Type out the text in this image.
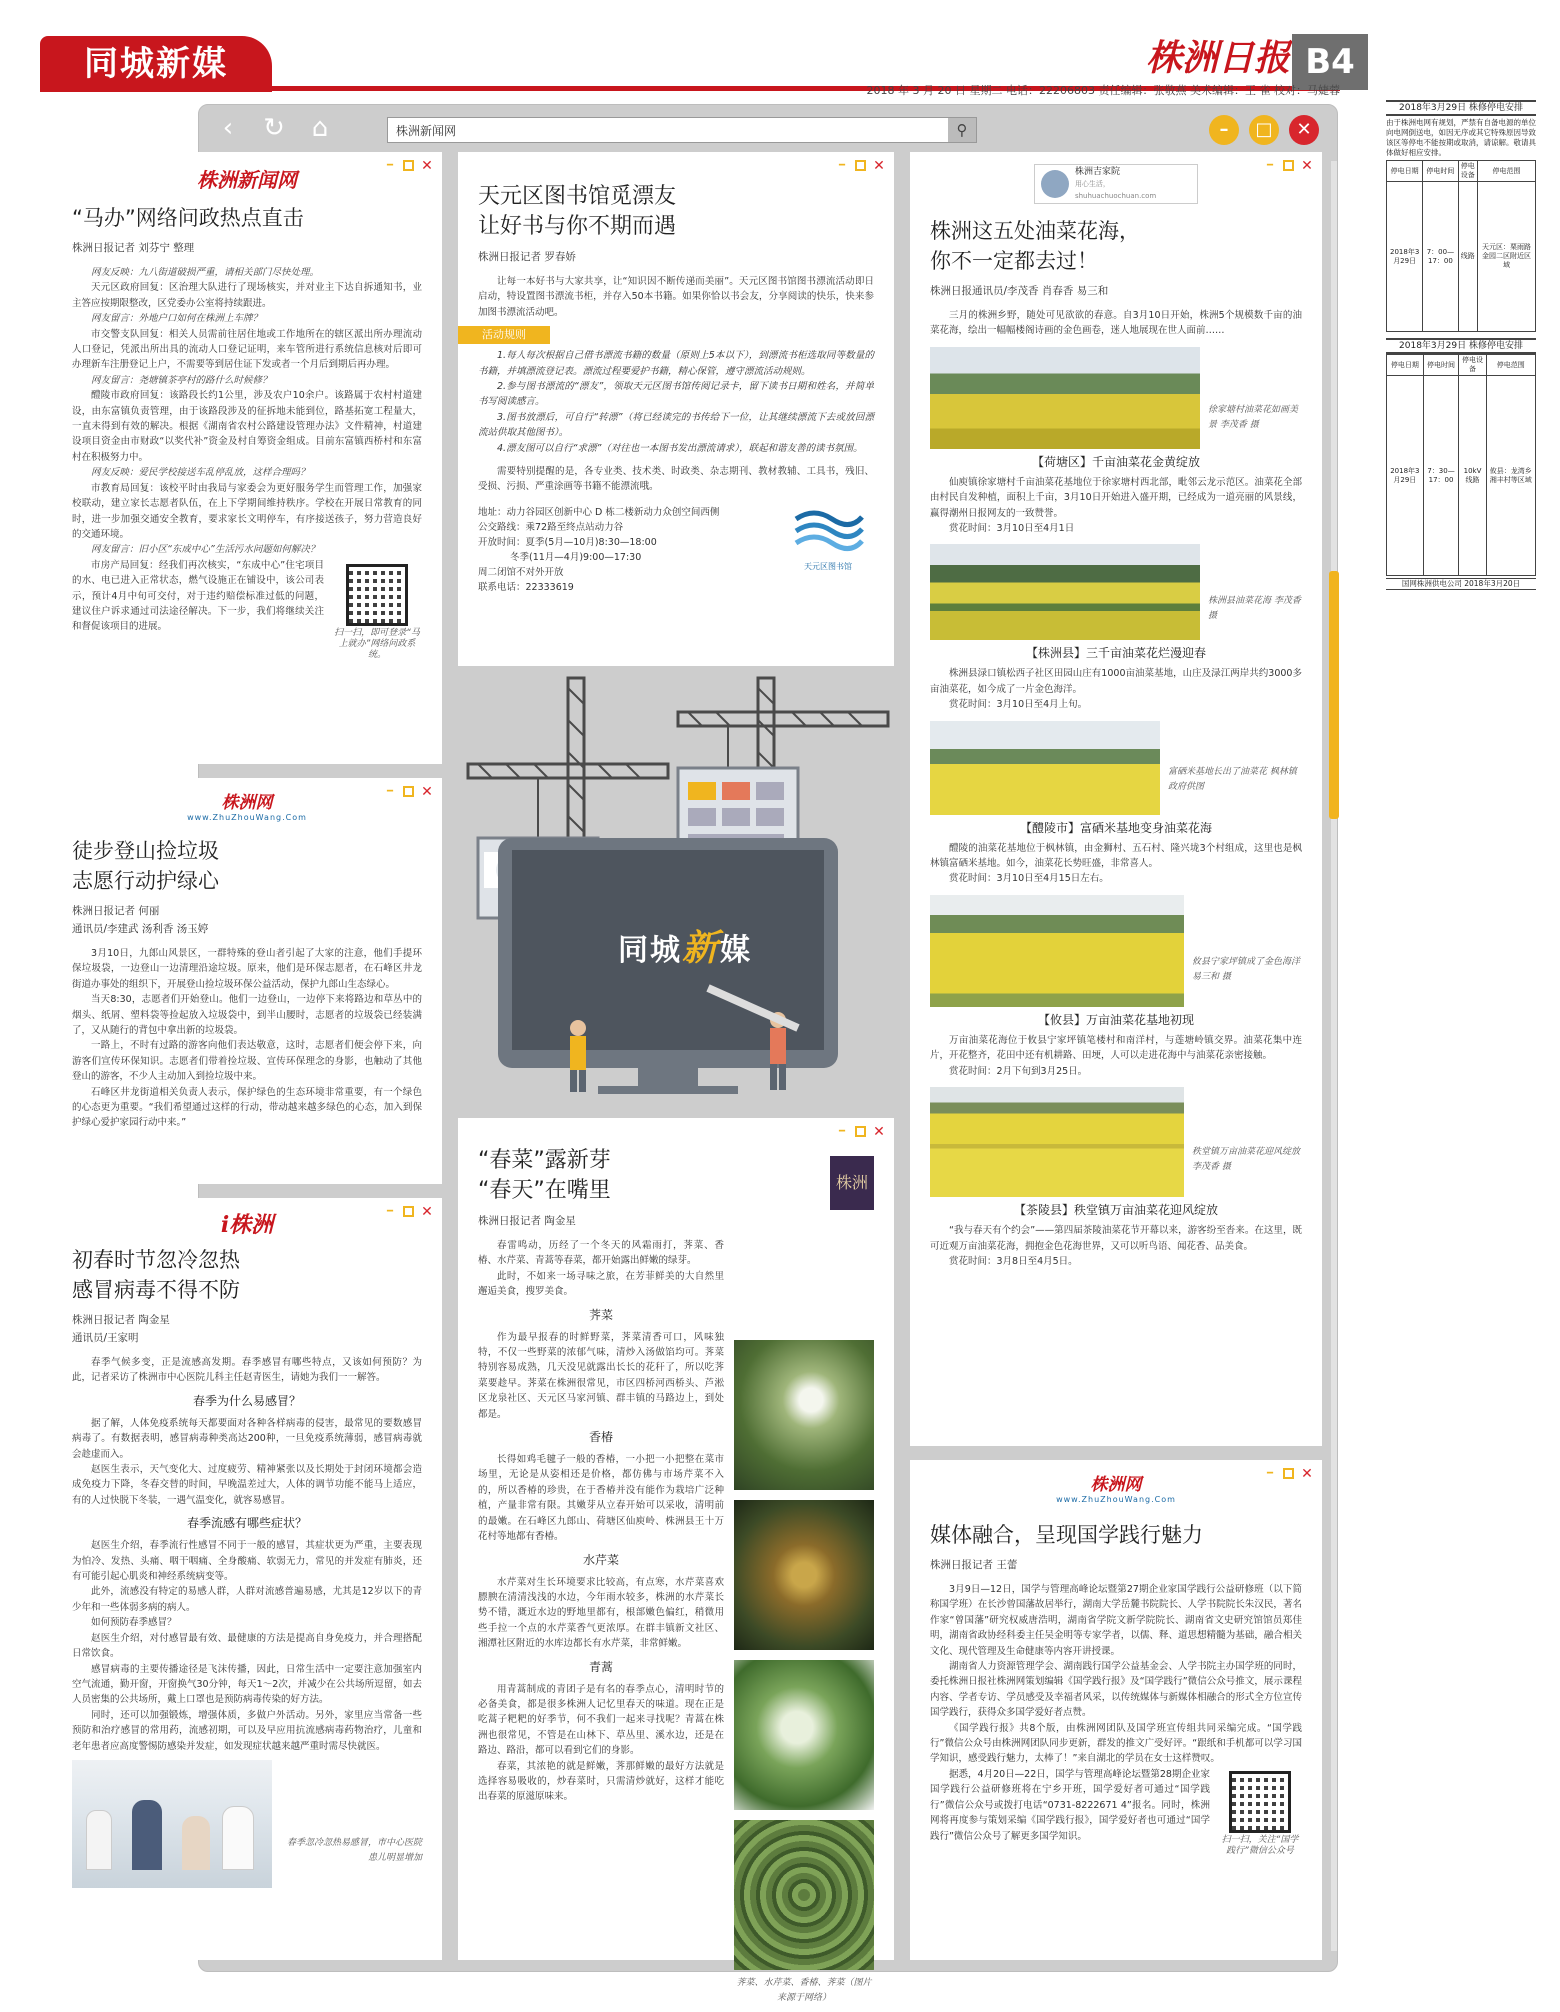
同城新媒	株洲日报 B4
2018 年 3 月 20 日 星期二 电话：22206803 责任编辑：张敬燕 美术编辑：王 雀 校对：马婕蓉
2018年3月29日 株修停电安排
由于株洲电网有规划，严禁有自备电源的单位向电网倒送电，如因无序或其它特殊原因导致该区等停电不能按期或取消，请谅解。敬请具体做好相应安排。
停电日期	停电时间	停电设备	停电范围
2018年3月29日	7：00—17：00	线路	天元区：栗雨路金园二区附近区域
2018年3月29日 株修停电安排
停电日期	停电时间	停电设备	停电范围
2018年3月29日	7：30—17：00	10kV线路	攸县：龙湾乡湘丰村等区域
国网株洲供电公司 2018年3月20日
‹	↻	⌂
株洲新闻网	⚲	–	□	✕
━ ✕
株洲新闻网
“马办”网络问政热点直击
株洲日报记者 刘芬宁 整理

网友反映：九八街道破损严重，请相关部门尽快处理。

天元区政府回复：区治理大队进行了现场核实，并对业主下达自拆通知书，业主答应按期限整改，区党委办公室将持续跟进。

网友留言：外地户口如何在株洲上车牌？

市交警支队回复：相关人员需前往居住地或工作地所在的辖区派出所办理流动人口登记，凭派出所出具的流动人口登记证明，来车管所进行系统信息核对后即可办理新车注册登记上户，不需要等到居住证下发或者一个月后到期后再办理。

网友留言：尧塘镇茶亭村的路什么时候修？

醴陵市政府回复：该路段长约1公里，涉及农户10余户。该路属于农村村道建设，由东富镇负责管理，由于该路段涉及的征拆地未能到位，路基拓宽工程量大，一直未得到有效的解决。根据《湖南省农村公路建设管理办法》文件精神，村道建设项目资金由市财政“以奖代补”资金及村自筹资金组成。目前东富镇西桥村和东富村在积极努力中。

网友反映：爱民学校接送车乱停乱放，这样合理吗？

市教育局回复：该校平时由我局与家委会为更好服务学生而管理工作，加强家校联动，建立家长志愿者队伍，在上下学期间维持秩序。学校在开展日常教育的同时，进一步加强交通安全教育，要求家长文明停车，有序接送孩子，努力营造良好的交通环境。

网友留言：旧小区“东成中心”生活污水问题如何解决？

市房产局回复：经我们再次核实，“东成中心”住宅项目的水、电已进入正常状态，燃气设施正在铺设中，该公司表示，预计4月中旬可交付，对于违约赔偿标准过低的问题，建议住户诉求通过司法途径解决。下一步，我们将继续关注和督促该项目的进展。

扫一扫，即可登录“马上就办”网络问政系统。
━ ✕
株洲网
www.ZhuZhouWang.Com
徒步登山捡垃圾
志愿行动护绿心
株洲日报记者 何丽
通讯员/李建武 汤利香 汤玉婷

3月10日，九郎山风景区，一群特殊的登山者引起了大家的注意，他们手提环保垃圾袋，一边登山一边清理沿途垃圾。原来，他们是环保志愿者，在石峰区井龙街道办事处的组织下，开展登山捡垃圾环保公益活动，保护九郎山生态绿心。

当天8:30，志愿者们开始登山。他们一边登山，一边停下来将路边和草丛中的烟头、纸屑、塑料袋等捡起放入垃圾袋中，到半山腰时，志愿者的垃圾袋已经装满了，又从随行的背包中拿出新的垃圾袋。

一路上，不时有过路的游客向他们表达敬意，这时，志愿者们便会停下来，向游客们宣传环保知识。志愿者们带着捡垃圾、宣传环保理念的身影，也触动了其他登山的游客，不少人主动加入到捡垃圾中来。

石峰区井龙街道相关负责人表示，保护绿色的生态环境非常重要，有一个绿色的心态更为重要。“我们希望通过这样的行动，带动越来越多绿色的心态，加入到保护绿心爱护家园行动中来。”

━ ✕
i株洲
初春时节忽冷忽热
感冒病毒不得不防
株洲日报记者 陶金星
通讯员/王家明

春季气候多变，正是流感高发期。春季感冒有哪些特点，又该如何预防？为此，记者采访了株洲市中心医院儿科主任赵青医生，请她为我们一一解答。

春季为什么易感冒？

据了解，人体免疫系统每天都要面对各种各样病毒的侵害，最常见的要数感冒病毒了。有数据表明，感冒病毒种类高达200种，一旦免疫系统薄弱，感冒病毒就会趁虚而入。

赵医生表示，天气变化大、过度疲劳、精神紧张以及长期处于封闭环境都会造成免疫力下降，冬春交替的时间，早晚温差过大，人体的调节功能不能马上适应，有的人过快脱下冬装，一遇气温变化，就容易感冒。

春季流感有哪些症状？

赵医生介绍，春季流行性感冒不同于一般的感冒，其症状更为严重，主要表现为怕冷、发热、头痛、咽干咽痛、全身酸痛、软弱无力，常见的并发症有肺炎，还有可能引起心肌炎和神经系统病变等。

此外，流感没有特定的易感人群，人群对流感普遍易感，尤其是12岁以下的青少年和一些体弱多病的病人。

如何预防春季感冒？

赵医生介绍，对付感冒最有效、最健康的方法是提高自身免疫力，并合理搭配日常饮食。

感冒病毒的主要传播途径是飞沫传播，因此，日常生活中一定要注意加强室内空气流通，勤开窗，开窗换气30分钟，每天1～2次，并减少在公共场所逗留，如去人员密集的公共场所，戴上口罩也是预防病毒传染的好方法。

同时，还可以加强锻炼，增强体质，多做户外活动。另外，家里应当常备一些预防和治疗感冒的常用药，流感初期，可以及早应用抗流感病毒药物治疗，儿童和老年患者应高度警惕防感染并发症，如发现症状越来越严重时需尽快就医。

春季忽冷忽热易感冒，市中心医院患儿明显增加
━ ✕
天元区图书馆觅漂友
让好书与你不期而遇
株洲日报记者 罗春娇

让每一本好书与大家共享，让“知识因不断传递而美丽”。天元区图书馆图书漂流活动即日启动，特设置图书漂流书柜，并存入50本书籍。如果你恰以书会友，分享阅读的快乐，快来参加图书漂流活动吧。

活动规则

1.每人每次根据自己借书漂流书籍的数量（原则上5本以下），到漂流书柜选取同等数量的书籍，并填漂流登记表。漂流过程要爱护书籍，精心保管，遵守漂流活动规则。

2.参与图书漂流的“漂友”，领取天元区图书馆传阅记录卡，留下读书日期和姓名，并简单书写阅读感言。

3.图书放漂后，可自行“转漂”（将已经读完的书传给下一位，让其继续漂流下去或放回漂流站供取其他图书）。

4.漂友图可以自行“求漂”（对往也一本图书发出漂流请求），联起和谐友善的读书氛围。

需要特别提醒的是，各专业类、技术类、时政类、杂志期刊、教材教辅、工具书，残旧、受损、污损、严重涂画等书籍不能漂流哦。

地址：动力谷园区创新中心 D 栋二楼新动力众创空间西侧
公交路线：乘72路至终点站动力谷
开放时间：夏季(5月—10月)8:30—18:00
冬季(11月—4月)9:00—17:30
周二闭馆不对外开放
联系电话：22333619
天元区图书馆
同城新媒
━ ✕
株洲
“春菜”露新芽
“春天”在嘴里
株洲日报记者 陶金星

春雷鸣动，历经了一个冬天的风霜雨打，荠菜、香椿、水芹菜、青蒿等春菜，都开始露出鲜嫩的绿芽。

此时，不如来一场寻味之旅，在芳菲鲜美的大自然里邂逅美食，搜罗美食。

荠菜

作为最早报春的时鲜野菜，荠菜清香可口，风味独特，不仅一些野菜的浓郁气味，清炒入汤做馅均可。荠菜特别容易成熟，几天没见就露出长长的花秆了，所以吃荠菜要趁早。荠菜在株洲很常见，市区四桥河西桥头、芦淞区龙泉社区、天元区马家河镇、群丰镇的马路边上，到处都是。

香椿

长得如鸡毛毽子一般的香椿，一小把一小把整在菜市场里，无论是从姿相还是价格，都仿佛与市场芹菜不入的，所以香椿的珍贵，在于香椿并没有能作为栽培广泛种植，产量非常有限。其嫩芽从立春开始可以采收，清明前的最嫩。在石峰区九郎山、荷塘区仙庾岭、株洲县王十万花村等地都有香椿。

水芹菜

水芹菜对生长环境要求比较高，有点寒，水芹菜喜欢膘腴在清清浅浅的水边，今年雨水较多，株洲的水芹菜长势不错，溉近水边的野地里都有，根部嫩色偏红，稍微用些手拉一个点的水芹菜香气更浓厚。在群丰镇新文社区、湘潭社区附近的水库边都长有水芹菜，非常鲜嫩。

青蒿

用青蒿制成的青团子是有名的春季点心，清明时节的必备美食，都是很多株洲人记忆里春天的味道。现在正是吃蒿子粑粑的好季节，何不我们一起来寻找呢？青蒿在株洲也很常见，不管是在山林下、草丛里、溪水边，还是在路边、路沿，都可以看到它们的身影。

春菜，其浓艳的就是鲜嫩，荠那鲜嫩的最好方法就是选择容易吸收的，炒春菜时，只需清炒就好，这样才能吃出春菜的原滋原味来。

荠菜、水芹菜、香椿、荠菜（图片来源于网络）
━ ✕
株洲吉家院
用心生活，shuhuachuochuan.com
株洲这五处油菜花海，
你不一定都去过！
株洲日报通讯员/李茂香 肖春香 易三和

三月的株洲乡野，随处可见欲欲的春意。自3月10日开始，株洲5个规模数千亩的油菜花海，绘出一幅幅楼阁诗画的金色画卷，迷人地展现在世人面前……

徐家塘村油菜花如画美景 李茂香 摄
【荷塘区】千亩油菜花金黄绽放

仙庾镇徐家塘村千亩油菜花基地位于徐家塘村西北部，毗邻云龙示范区。油菜花全部由村民自发种植，面积上千亩，3月10日开始进入盛开期，已经成为一道亮丽的风景线，赢得潮州日报网友的一致赞誉。

赏花时间：3月10日至4月1日

株洲县油菜花海 李茂香 摄
【株洲县】三千亩油菜花烂漫迎春

株洲县渌口镇松西子社区田园山庄有1000亩油菜基地，山庄及渌江两岸共约3000多亩油菜花，如今成了一片金色海洋。

赏花时间：3月10日至4月上旬。

富硒米基地长出了油菜花 枫林镇政府供图
【醴陵市】富硒米基地变身油菜花海

醴陵的油菜花基地位于枫林镇，由金狮村、五石村、隆兴垅3个村组成，这里也是枫林镇富硒米基地。如今，油菜花长势旺盛，非常喜人。

赏花时间：3月10日至4月15日左右。

攸县宁家坪镇成了金色海洋 易三和 摄
【攸县】万亩油菜花基地初现

万亩油菜花海位于攸县宁家坪镇笔楼村和南洋村，与莲塘岭镇交界。油菜花集中连片，开花整齐，花田中还有机耕路、田埂，人可以走进花海中与油菜花亲密接触。

赏花时间：2月下旬到3月25日。

秩堂镇万亩油菜花迎风绽放 李茂香 摄
【茶陵县】秩堂镇万亩油菜花迎风绽放

“我与春天有个约会”——第四届茶陵油菜花节开幕以来，游客纷至沓来。在这里，既可近观万亩油菜花海，拥抱金色花海世界，又可以听鸟语、闻花香、品美食。

赏花时间：3月8日至4月5日。

━ ✕
株洲网
www.ZhuZhouWang.Com
媒体融合，呈现国学践行魅力
株洲日报记者 王蕾

3月9日—12日，国学与管理高峰论坛暨第27期企业家国学践行公益研修班（以下简称国学班）在长沙曾国藩故居举行，湖南大学岳麓书院院长、人学书院院长朱汉民，著名作家“曾国藩”研究权威唐浩明，湖南省学院文新学院院长、湖南省文史研究馆馆员郑佳明，湖南省政协经科委主任吴金明等专家学者，以儒、释、道思想精髓为基础，融合相关文化、现代管理及生命健康等内容开讲授课。

湖南省人力资源管理学会、湖南践行国学公益基金会、人学书院主办国学班的同时，委托株洲日报社株洲网策划编辑《国学践行报》及“国学践行”微信公众号推文，展示课程内容、学者专访、学员感受及幸福者风采，以传统媒体与新媒体相融合的形式全方位宣传国学践行，获得众多国学爱好者点赞。

《国学践行报》共8个版，由株洲网团队及国学班宣传组共同采编完成。“国学践行”微信公众号由株洲网团队同步更新，群发的推文广受好评。“跟纸和手机都可以学习国学知识，感受践行魅力，太棒了！”来自湖北的学员在女士这样赞叹。

据悉，4月20日—22日，国学与管理高峰论坛暨第28期企业家国学践行公益研修班将在宁乡开班，国学爱好者可通过“国学践行”微信公众号或拨打电话“0731-8222671 4”报名。同时，株洲网将再度参与策划采编《国学践行报》，国学爱好者也可通过“国学践行”微信公众号了解更多国学知识。	扫一扫，关注“国学践行”微信公众号
